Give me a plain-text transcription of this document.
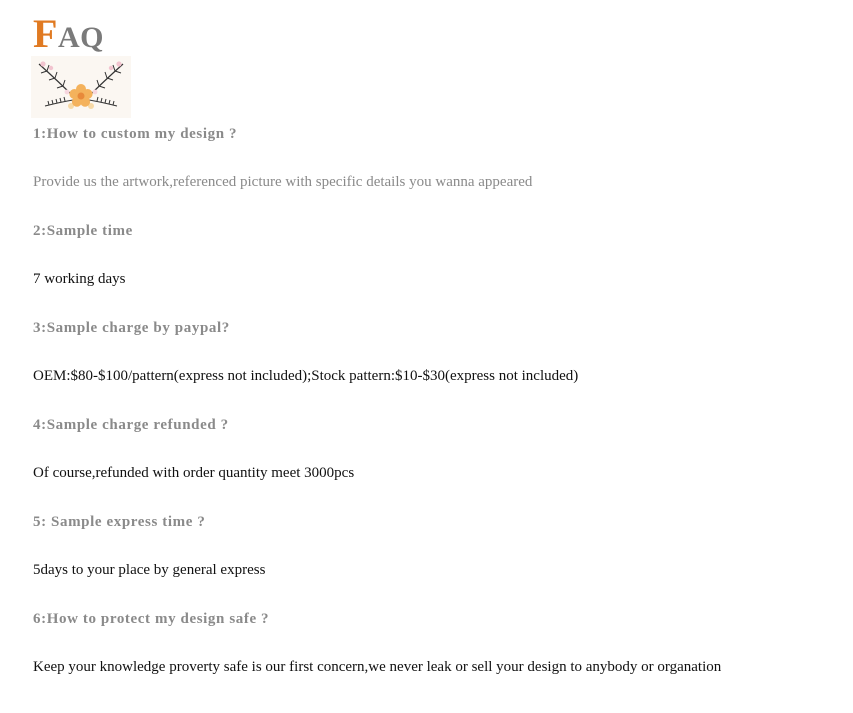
FAQ
1:How to custom my design ?
Provide us the artwork,referenced picture with specific details you wanna appeared
2:Sample time
7 working days
3:Sample charge by paypal?
OEM:$80-$100/pattern(express not included);Stock pattern:$10-$30(express not included)
4:Sample charge refunded ?
Of course,refunded with order quantity meet 3000pcs
5: Sample express time ?
5days to your place by general express
6:How to protect my design safe ?
Keep your knowledge proverty safe is our first concern,we never leak or sell your design to anybody or organation
